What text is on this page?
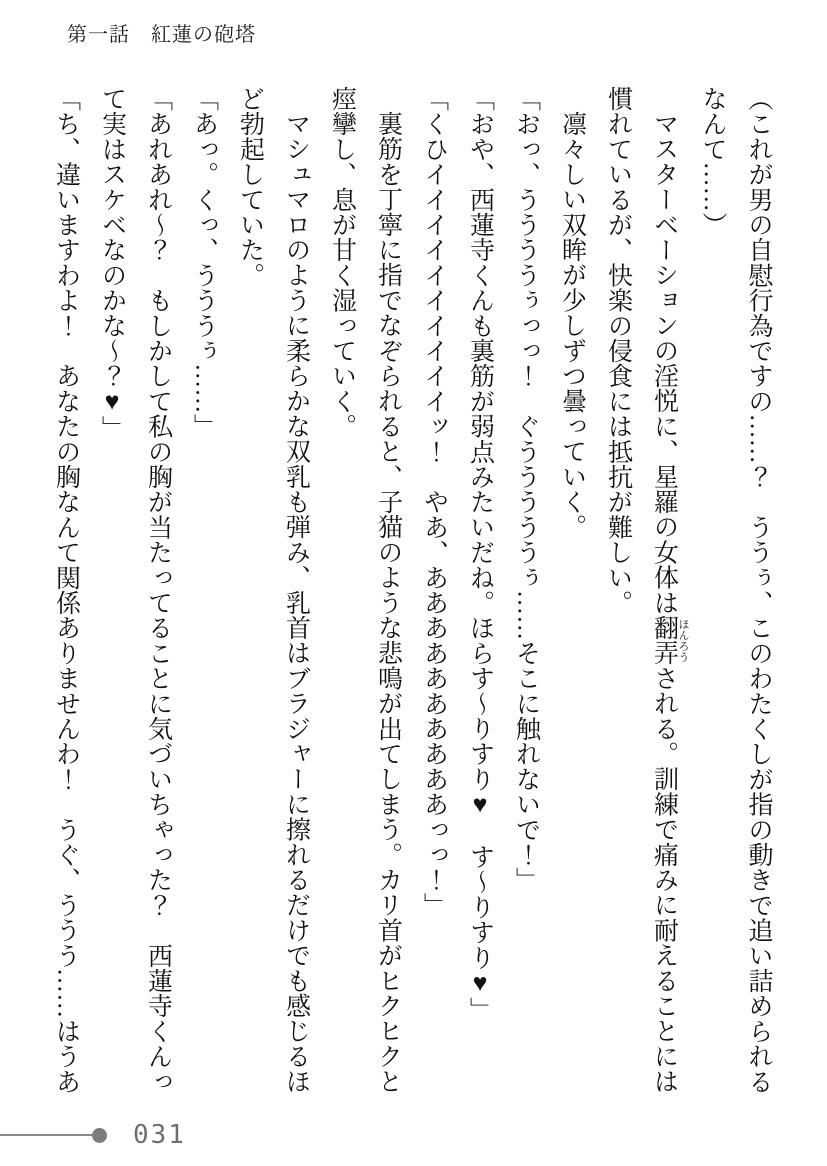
第一話　紅蓮の砲塔

（これが男の自慰行為ですの……？　ううぅ、このわたくしが指の動きで追い詰められるなんて……）

マスターベーションの淫悦に、星羅の女体は翻弄 ほんろうされる。訓練で痛みに耐えることには慣れているが、快楽の侵食には抵抗が難しい。

凛々しい双眸が少しずつ曇っていく。

「おっ、ううううぅっっ！　ぐうううううぅ……そこに触れないで！」

「おや、西蓮寺くんも裏筋が弱点みたいだね。ほらす～りすり♥　す～りすり♥」

「くひイイイイイイイイイイッ！　やあ、ああああああああああっっ！」

裏筋を丁寧に指でなぞられると、子猫のような悲鳴が出てしまう。カリ首がヒクヒクと痙攣し、息が甘く湿っていく。

マシュマロのように柔らかな双乳も弾み、乳首はブラジャーに擦れるだけでも感じるほど勃起していた。

「あっ。くっ、うううぅ……」

「あれあれ～？　もしかして私の胸が当たってることに気づいちゃった？　西蓮寺くんって実はスケベなのかな～？♥」

「ち、違いますわよ！　あなたの胸なんて関係ありませんわ！　うぐ、ううう……はうあ

031
